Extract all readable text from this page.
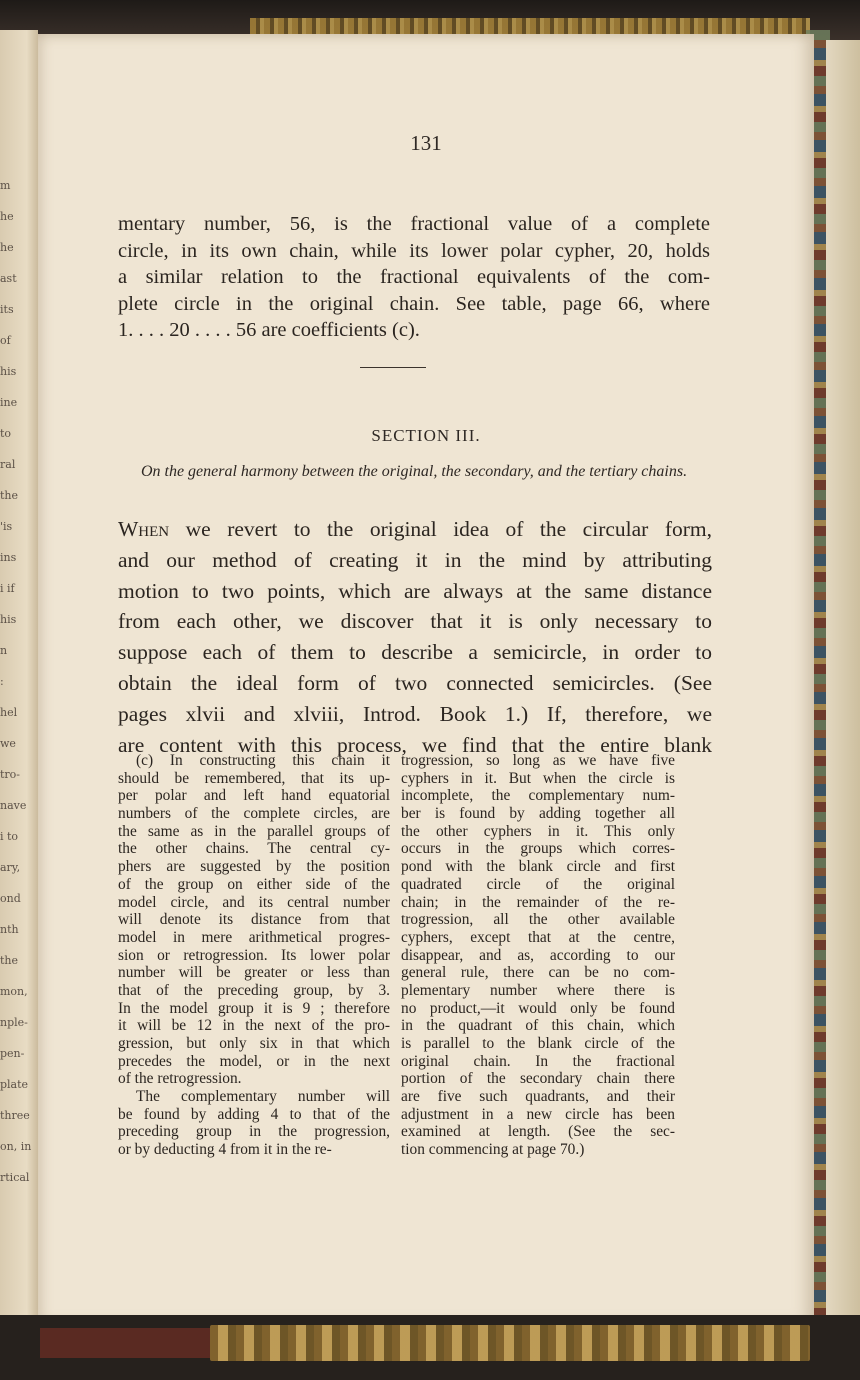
m
he
he
ast
its
of
his
ine
to
ral
the
'is
ins
i if
his
n
:
hel
we
tro-
nave
i to
ary,
ond
nth
the
mon,
nple-
pen-
plate
three
on, in
rtical
131
mentary number, 56, is the fractional value of a complete
circle, in its own chain, while its lower polar cypher, 20, holds
a similar relation to the fractional equivalents of the com-
plete circle in the original chain. See table, page 66, where
1. . . . 20 . . . . 56 are coefficients (c).
SECTION III.
On the general harmony between the original, the secondary, and the tertiary chains.
When we revert to the original idea of the circular form,
and our method of creating it in the mind by attributing
motion to two points, which are always at the same distance
from each other, we discover that it is only necessary to
suppose each of them to describe a semicircle, in order to
obtain the ideal form of two connected semicircles. (See
pages xlvii and xlviii, Introd. Book 1.) If, therefore, we
are content with this process, we find that the entire blank
(c) In constructing this chain it
should be remembered, that its up-
per polar and left hand equatorial
numbers of the complete circles, are
the same as in the parallel groups of
the other chains. The central cy-
phers are suggested by the position
of the group on either side of the
model circle, and its central number
will denote its distance from that
model in mere arithmetical progres-
sion or retrogression. Its lower polar
number will be greater or less than
that of the preceding group, by 3.
In the model group it is 9 ; therefore
it will be 12 in the next of the pro-
gression, but only six in that which
precedes the model, or in the next
of the retrogression.
The complementary number will
be found by adding 4 to that of the
preceding group in the progression,
or by deducting 4 from it in the re-
trogression, so long as we have five
cyphers in it. But when the circle is
incomplete, the complementary num-
ber is found by adding together all
the other cyphers in it. This only
occurs in the groups which corres-
pond with the blank circle and first
quadrated circle of the original
chain; in the remainder of the re-
trogression, all the other available
cyphers, except that at the centre,
disappear, and as, according to our
general rule, there can be no com-
plementary number where there is
no product,—it would only be found
in the quadrant of this chain, which
is parallel to the blank circle of the
original chain. In the fractional
portion of the secondary chain there
are five such quadrants, and their
adjustment in a new circle has been
examined at length. (See the sec-
tion commencing at page 70.)
